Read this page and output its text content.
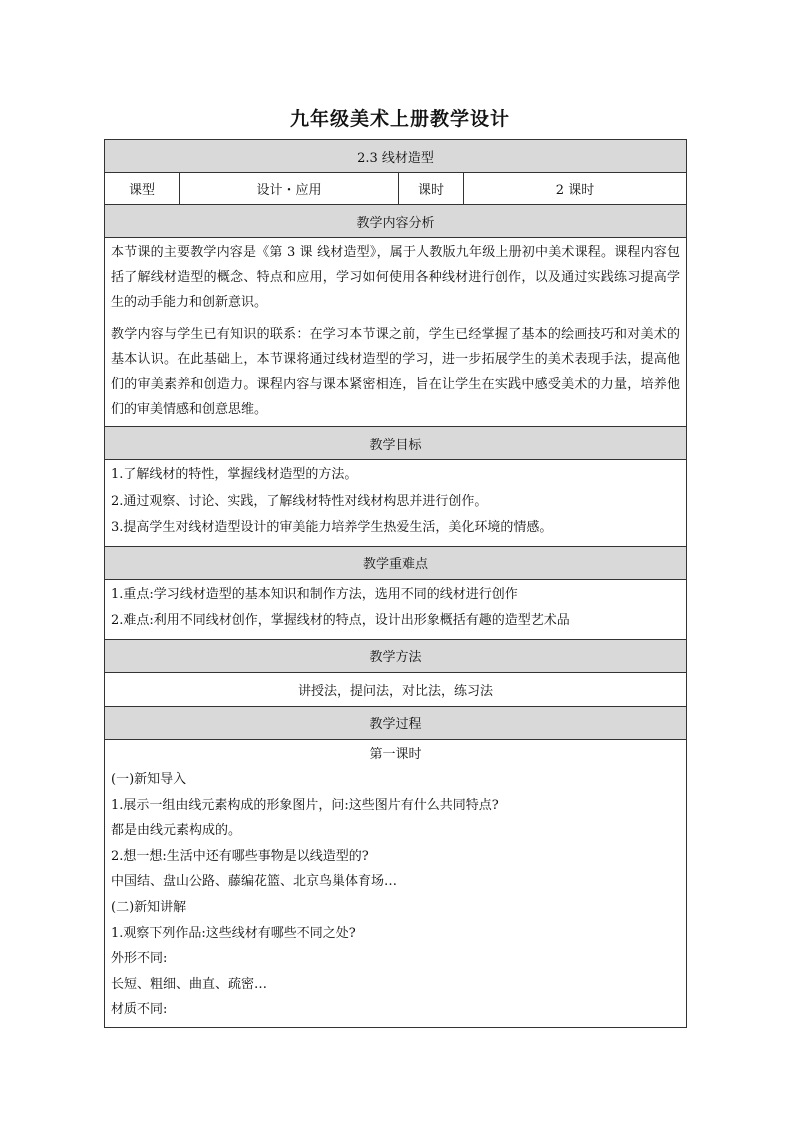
九年级美术上册教学设计
2.3 线材造型
课型	设计・应用	课时	2 课时
教学内容分析

本节课的主要教学内容是《第 3 课 线材造型》，属于人教版九年级上册初中美术课程。课程内容包括了解线材造型的概念、特点和应用，学习如何使用各种线材进行创作，以及通过实践练习提高学生的动手能力和创新意识。

教学内容与学生已有知识的联系：在学习本节课之前，学生已经掌握了基本的绘画技巧和对美术的基本认识。在此基础上，本节课将通过线材造型的学习，进一步拓展学生的美术表现手法，提高他们的审美素养和创造力。课程内容与课本紧密相连，旨在让学生在实践中感受美术的力量，培养他们的审美情感和创意思维。

教学目标

1.了解线材的特性，掌握线材造型的方法。

2.通过观察、讨论、实践，了解线材特性对线材构思并进行创作。

3.提高学生对线材造型设计的审美能力培养学生热爱生活，美化环境的情感。

教学重难点

1.重点:学习线材造型的基本知识和制作方法，选用不同的线材进行创作

2.难点:利用不同线材创作，掌握线材的特点，设计出形象概括有趣的造型艺术品

教学方法
讲授法，提问法，对比法，练习法
教学过程

第一课时

(一)新知导入

1.展示一组由线元素构成的形象图片，问:这些图片有什么共同特点?

都是由线元素构成的。

2.想一想:生活中还有哪些事物是以线造型的?

中国结、盘山公路、藤编花篮、北京鸟巢体育场…

(二)新知讲解

1.观察下列作品:这些线材有哪些不同之处?

外形不同:

长短、粗细、曲直、疏密…

材质不同:
